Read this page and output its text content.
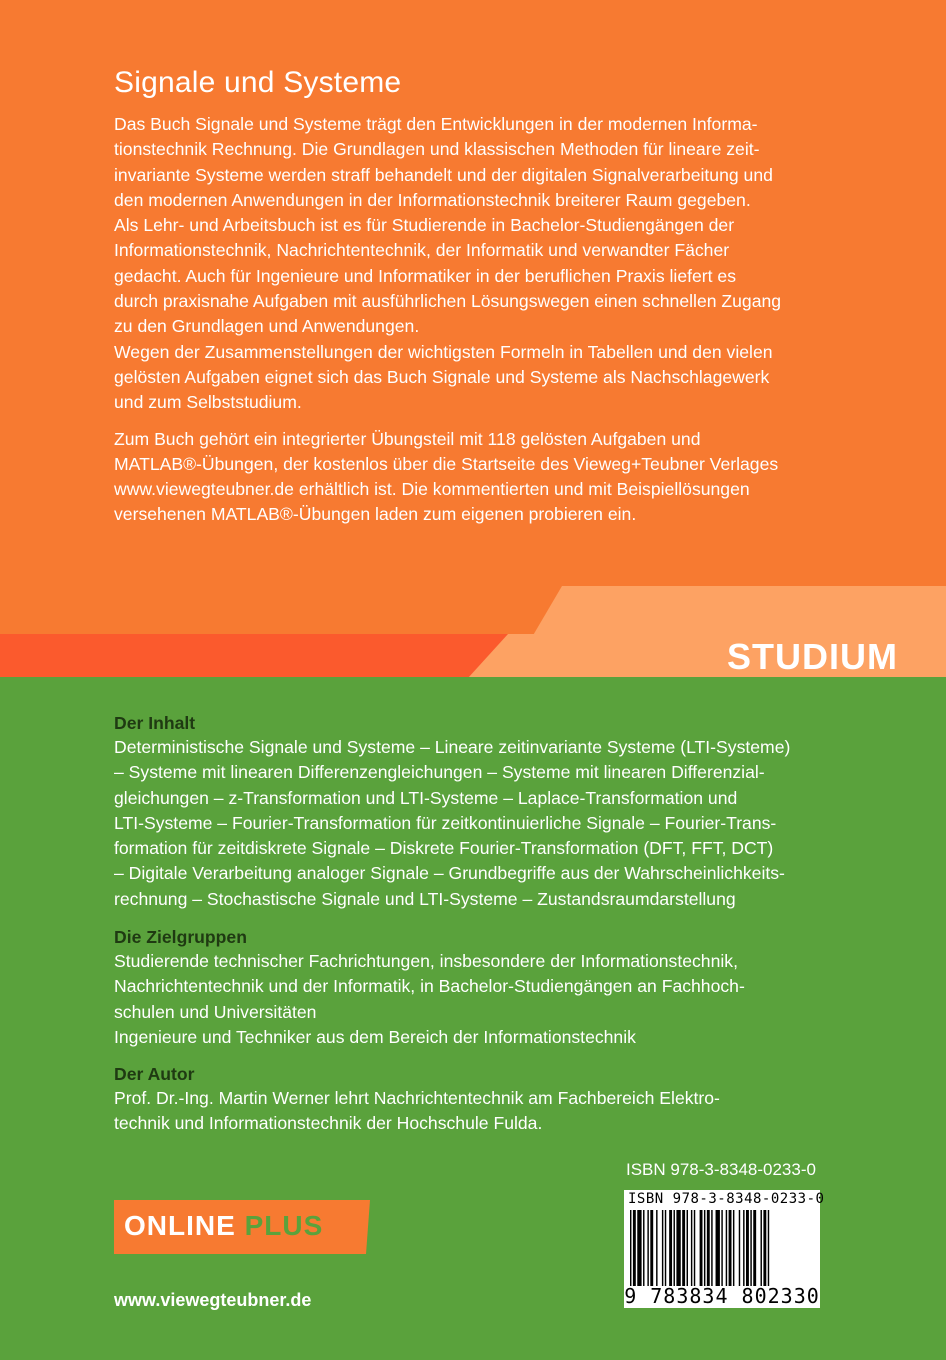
Signale und Systeme
Das Buch Signale und Systeme trägt den Entwicklungen in der modernen Informa-
tionstechnik Rechnung. Die Grundlagen und klassischen Methoden für lineare zeit-
invariante Systeme werden straff behandelt und der digitalen Signalverarbeitung und
den modernen Anwendungen in der Informationstechnik breiterer Raum gegeben.
Als Lehr- und Arbeitsbuch ist es für Studierende in Bachelor-Studiengängen der
Informationstechnik, Nachrichtentechnik, der Informatik und verwandter Fächer
gedacht. Auch für Ingenieure und Informatiker in der beruflichen Praxis liefert es
durch praxisnahe Aufgaben mit ausführlichen Lösungswegen einen schnellen Zugang
zu den Grundlagen und Anwendungen.
Wegen der Zusammenstellungen der wichtigsten Formeln in Tabellen und den vielen
gelösten Aufgaben eignet sich das Buch Signale und Systeme als Nachschlagewerk
und zum Selbststudium.
Zum Buch gehört ein integrierter Übungsteil mit 118 gelösten Aufgaben und
MATLAB®-Übungen, der kostenlos über die Startseite des Vieweg+Teubner Verlages
www.viewegteubner.de erhältlich ist. Die kommentierten und mit Beispiellösungen
versehenen MATLAB®-Übungen laden zum eigenen probieren ein.
STUDIUM
Der Inhalt
Deterministische Signale und Systeme – Lineare zeitinvariante Systeme (LTI-Systeme)
– Systeme mit linearen Differenzengleichungen – Systeme mit linearen Differenzial-
gleichungen – z-Transformation und LTI-Systeme – Laplace-Transformation und
LTI-Systeme – Fourier-Transformation für zeitkontinuierliche Signale – Fourier-Trans-
formation für zeitdiskrete Signale – Diskrete Fourier-Transformation (DFT, FFT, DCT)
– Digitale Verarbeitung analoger Signale – Grundbegriffe aus der Wahrscheinlichkeits-
rechnung – Stochastische Signale und LTI-Systeme – Zustandsraumdarstellung
Die Zielgruppen
Studierende technischer Fachrichtungen, insbesondere der Informationstechnik,
Nachrichtentechnik und der Informatik, in Bachelor-Studiengängen an Fachhoch-
schulen und Universitäten
Ingenieure und Techniker aus dem Bereich der Informationstechnik
Der Autor
Prof. Dr.-Ing. Martin Werner lehrt Nachrichtentechnik am Fachbereich Elektro-
technik und Informationstechnik der Hochschule Fulda.
ISBN 978-3-8348-0233-0
ISBN 978-3-8348-0233-0
9 783834 802330
ONLINE PLUS
www.viewegteubner.de
